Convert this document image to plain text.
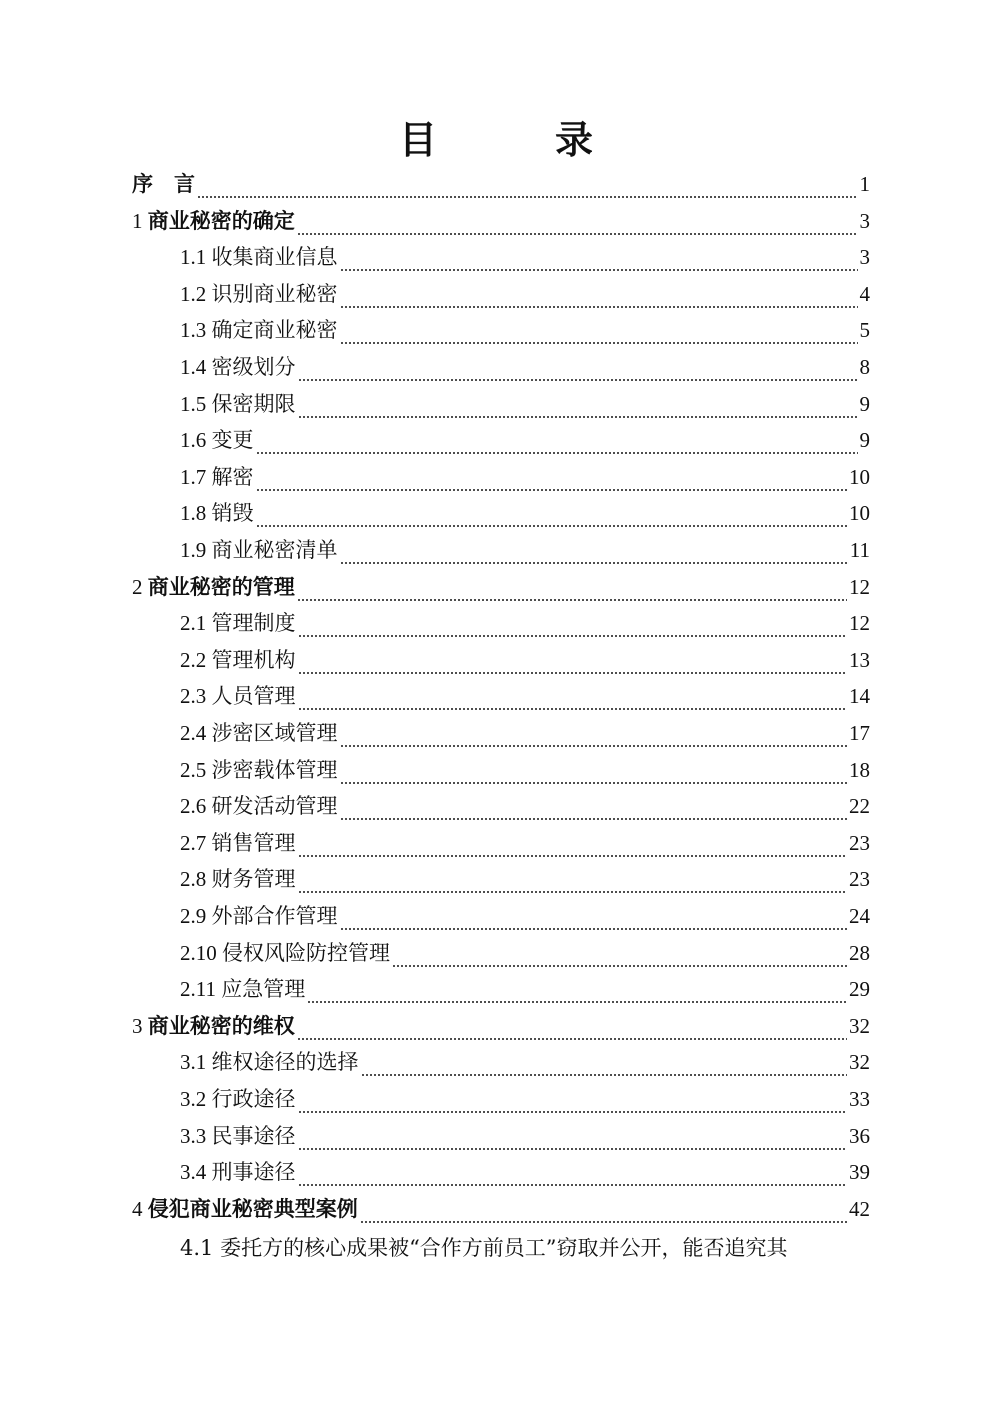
目　录
序　言	1
1 商业秘密的确定	3
1.1 收集商业信息	3
1.2 识别商业秘密	4
1.3 确定商业秘密	5
1.4 密级划分	8
1.5 保密期限	9
1.6 变更	9
1.7 解密	10
1.8 销毁	10
1.9 商业秘密清单	11
2 商业秘密的管理	12
2.1 管理制度	12
2.2 管理机构	13
2.3 人员管理	14
2.4 涉密区域管理	17
2.5 涉密载体管理	18
2.6 研发活动管理	22
2.7 销售管理	23
2.8 财务管理	23
2.9 外部合作管理	24
2.10 侵权风险防控管理	28
2.11 应急管理	29
3 商业秘密的维权	32
3.1 维权途径的选择	32
3.2 行政途径	33
3.3 民事途径	36
3.4 刑事途径	39
4 侵犯商业秘密典型案例	42
4.1 委托方的核心成果被“合作方前员工”窃取并公开，能否追究其
